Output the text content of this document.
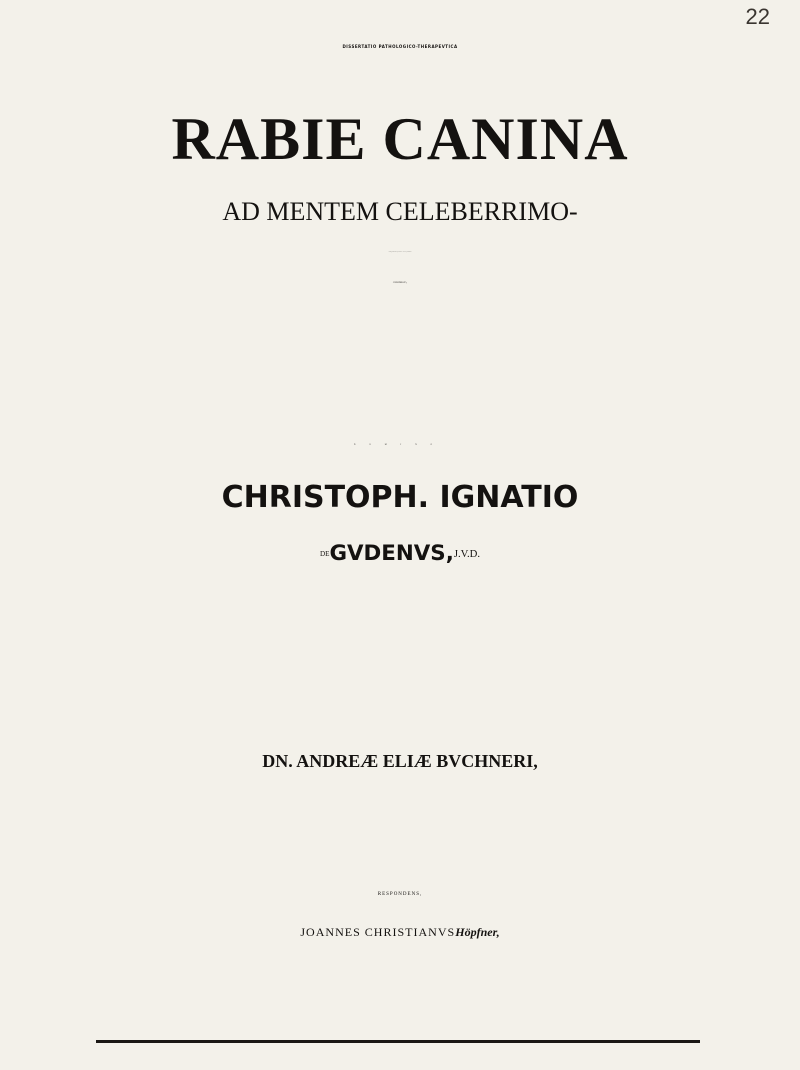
22

DISSERTATIO PATHOLOGICO-THERAPEVTICA

RABIE CANINA

AD MENTEM CELEBERRIMO-

RVM QVORVNDAM, NOSTRÆ ÆTATIS, VIRORVM

CONSIDERATA,

DOMINO

CHRISTOPH. IGNATIO

DE GVDENVS, J.V.D.

DN. ANDREÆ ELIÆ BVCHNERI,

RESPONDENS,

JOANNES CHRISTIANVS Höpfner,
